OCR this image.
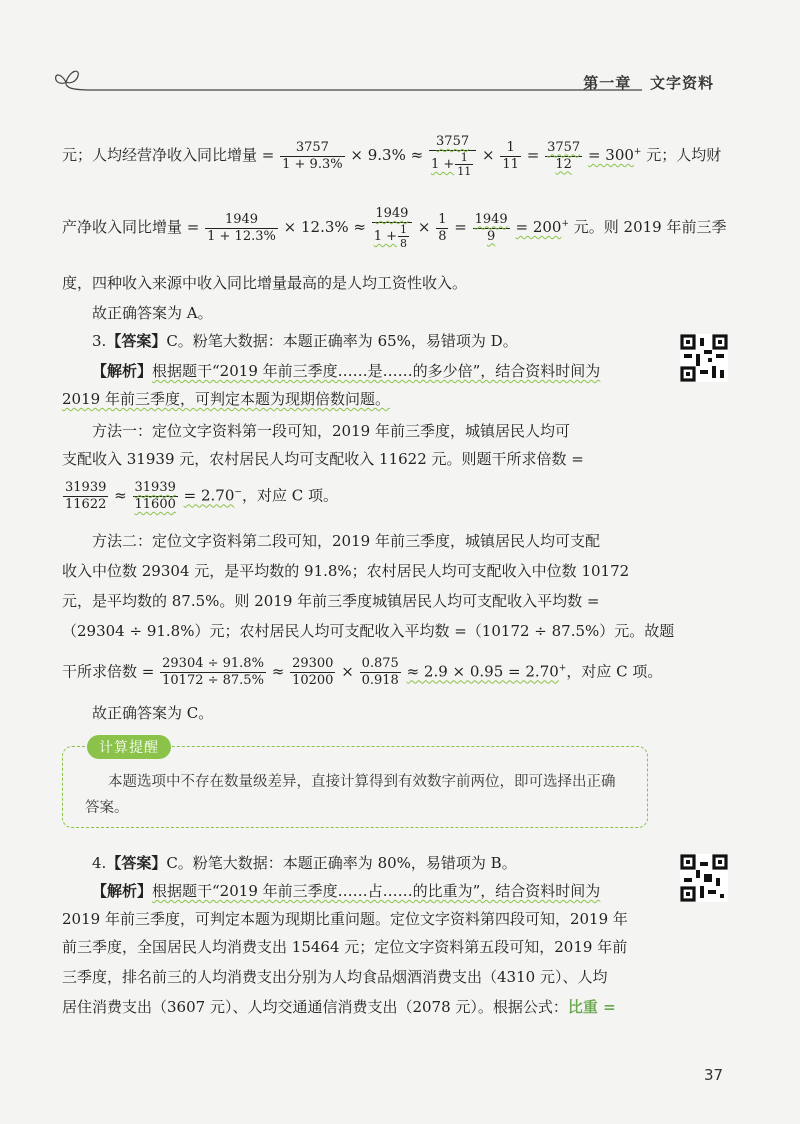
第一章 文字资料
元；人均经营净收入同比增量 = $\frac{3757}{1 + 9.3\%} \times 9.3\% \approx \frac{3757}{1 + \frac{1}{11}} \times \frac{1}{11} = \frac{3757}{12} = 300^+$ 元；人均财
产净收入同比增量 = $\frac{1949}{1 + 12.3\%} \times 12.3\% \approx \frac{1949}{1 + \frac{1}{8}} \times \frac{1}{8} = \frac{1949}{9} = 200^+$ 元。则 2019 年前三季
度，四种收入来源中收入同比增量最高的是人均工资性收入。
故正确答案为 A。
3.【答案】C。粉笔大数据：本题正确率为 65%，易错项为 D。
【解析】根据题干“2019 年前三季度……是……的多少倍”，结合资料时间为
2019 年前三季度，可判定本题为现期倍数问题。
方法一：定位文字资料第一段可知，2019 年前三季度，城镇居民人均可
支配收入 31939 元，农村居民人均可支配收入 11622 元。则题干所求倍数 =
$\frac{31939}{11622} \approx \frac{31939}{11600} = 2.70^-$，对应 C 项。
方法二：定位文字资料第二段可知，2019 年前三季度，城镇居民人均可支配
收入中位数 29304 元，是平均数的 91.8%；农村居民人均可支配收入中位数 10172
元，是平均数的 87.5%。则 2019 年前三季度城镇居民人均可支配收入平均数 =
（29304 ÷ 91.8%）元；农村居民人均可支配收入平均数 =（10172 ÷ 87.5%）元。故题
干所求倍数 = $\frac{29304 \div 91.8\%}{10172 \div 87.5\%} \approx \frac{29300}{10200} \times \frac{0.875}{0.918} \approx 2.9 \times 0.95 = 2.70^+$，对应 C 项。
故正确答案为 C。
计算提醒
本题选项中不存在数量级差异，直接计算得到有效数字前两位，即可选择出正确答案。
4.【答案】C。粉笔大数据：本题正确率为 80%，易错项为 B。
【解析】根据题干“2019 年前三季度……占……的比重为”，结合资料时间为
2019 年前三季度，可判定本题为现期比重问题。定位文字资料第四段可知，2019 年
前三季度，全国居民人均消费支出 15464 元；定位文字资料第五段可知，2019 年前
三季度，排名前三的人均消费支出分别为人均食品烟酒消费支出（4310 元）、人均
居住消费支出（3607 元）、人均交通通信消费支出（2078 元）。根据公式：比重 =
37
